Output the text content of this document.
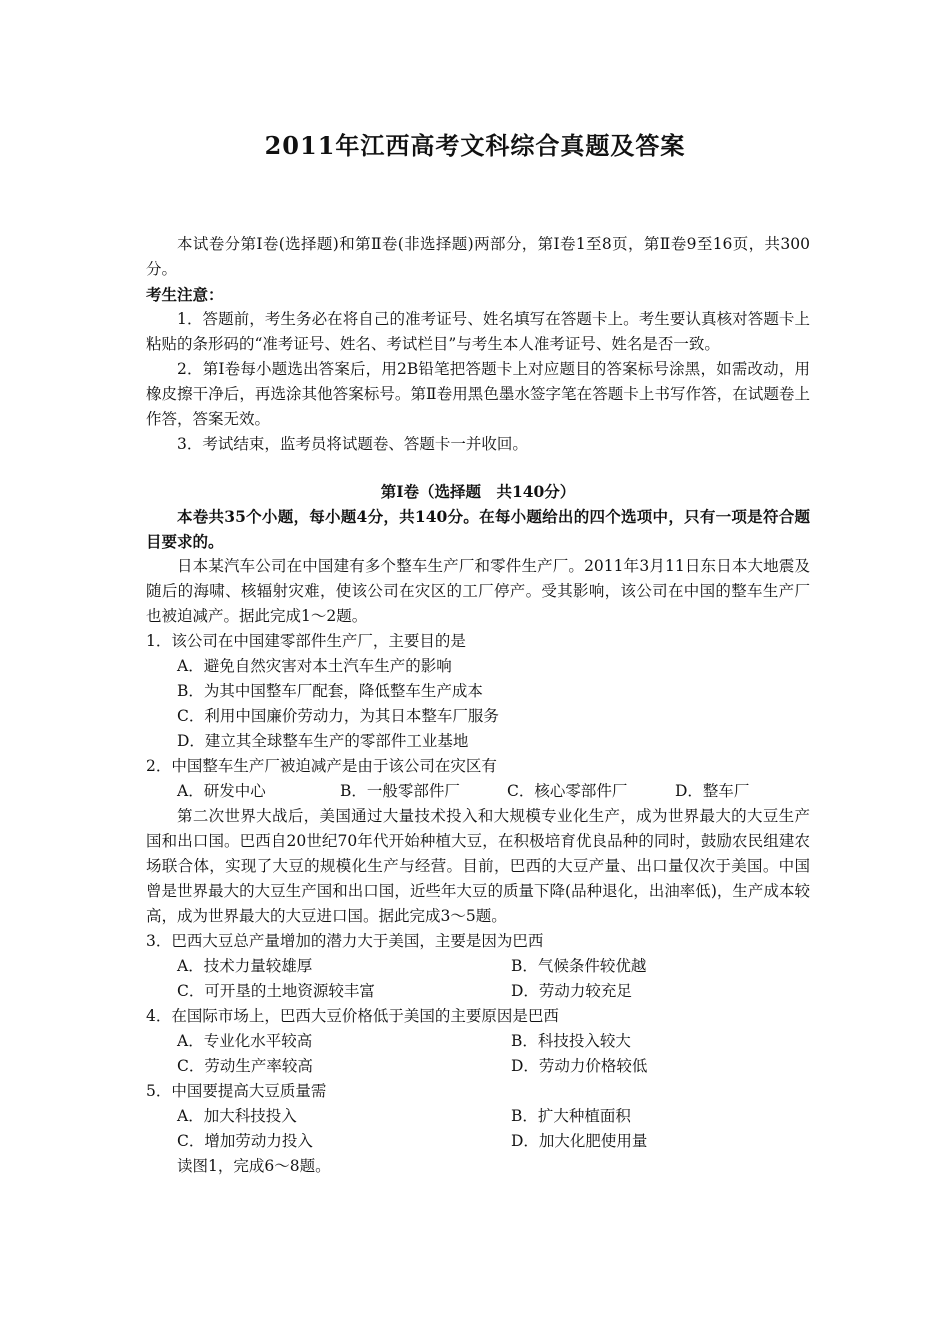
2011年江西高考文科综合真题及答案

本试卷分第Ⅰ卷(选择题)和第Ⅱ卷(非选择题)两部分，第Ⅰ卷1至8页，第Ⅱ卷9至16页，共300分。

考生注意：

1．答题前，考生务必在将自己的准考证号、姓名填写在答题卡上。考生要认真核对答题卡上粘贴的条形码的“准考证号、姓名、考试栏目”与考生本人准考证号、姓名是否一致。

2．第Ⅰ卷每小题选出答案后，用2B铅笔把答题卡上对应题目的答案标号涂黑，如需改动，用橡皮擦干净后，再选涂其他答案标号。第Ⅱ卷用黑色墨水签字笔在答题卡上书写作答，在试题卷上作答，答案无效。

3．考试结束，监考员将试题卷、答题卡一并收回。

第Ⅰ卷（选择题　共140分）

本卷共35个小题，每小题4分，共140分。在每小题给出的四个选项中，只有一项是符合题目要求的。

日本某汽车公司在中国建有多个整车生产厂和零件生产厂。2011年3月11日东日本大地震及随后的海啸、核辐射灾难，使该公司在灾区的工厂停产。受其影响，该公司在中国的整车生产厂也被迫减产。据此完成1～2题。

1．该公司在中国建零部件生产厂，主要目的是

A．避免自然灾害对本土汽车生产的影响

B．为其中国整车厂配套，降低整车生产成本

C．利用中国廉价劳动力，为其日本整车厂服务

D．建立其全球整车生产的零部件工业基地

2．中国整车生产厂被迫减产是由于该公司在灾区有

A．研发中心	B．一般零部件厂	C．核心零部件厂	D．整车厂

第二次世界大战后，美国通过大量技术投入和大规模专业化生产，成为世界最大的大豆生产国和出口国。巴西自20世纪70年代开始种植大豆，在积极培育优良品种的同时，鼓励农民组建农场联合体，实现了大豆的规模化生产与经营。目前，巴西的大豆产量、出口量仅次于美国。中国曾是世界最大的大豆生产国和出口国，近些年大豆的质量下降(品种退化，出油率低)，生产成本较高，成为世界最大的大豆进口国。据此完成3～5题。

3．巴西大豆总产量增加的潜力大于美国，主要是因为巴西

A．技术力量较雄厚	B．气候条件较优越
C．可开垦的土地资源较丰富	D．劳动力较充足

4．在国际市场上，巴西大豆价格低于美国的主要原因是巴西

A．专业化水平较高	B．科技投入较大
C．劳动生产率较高	D．劳动力价格较低

5．中国要提高大豆质量需

A．加大科技投入	B．扩大种植面积
C．增加劳动力投入	D．加大化肥使用量

读图1，完成6～8题。
